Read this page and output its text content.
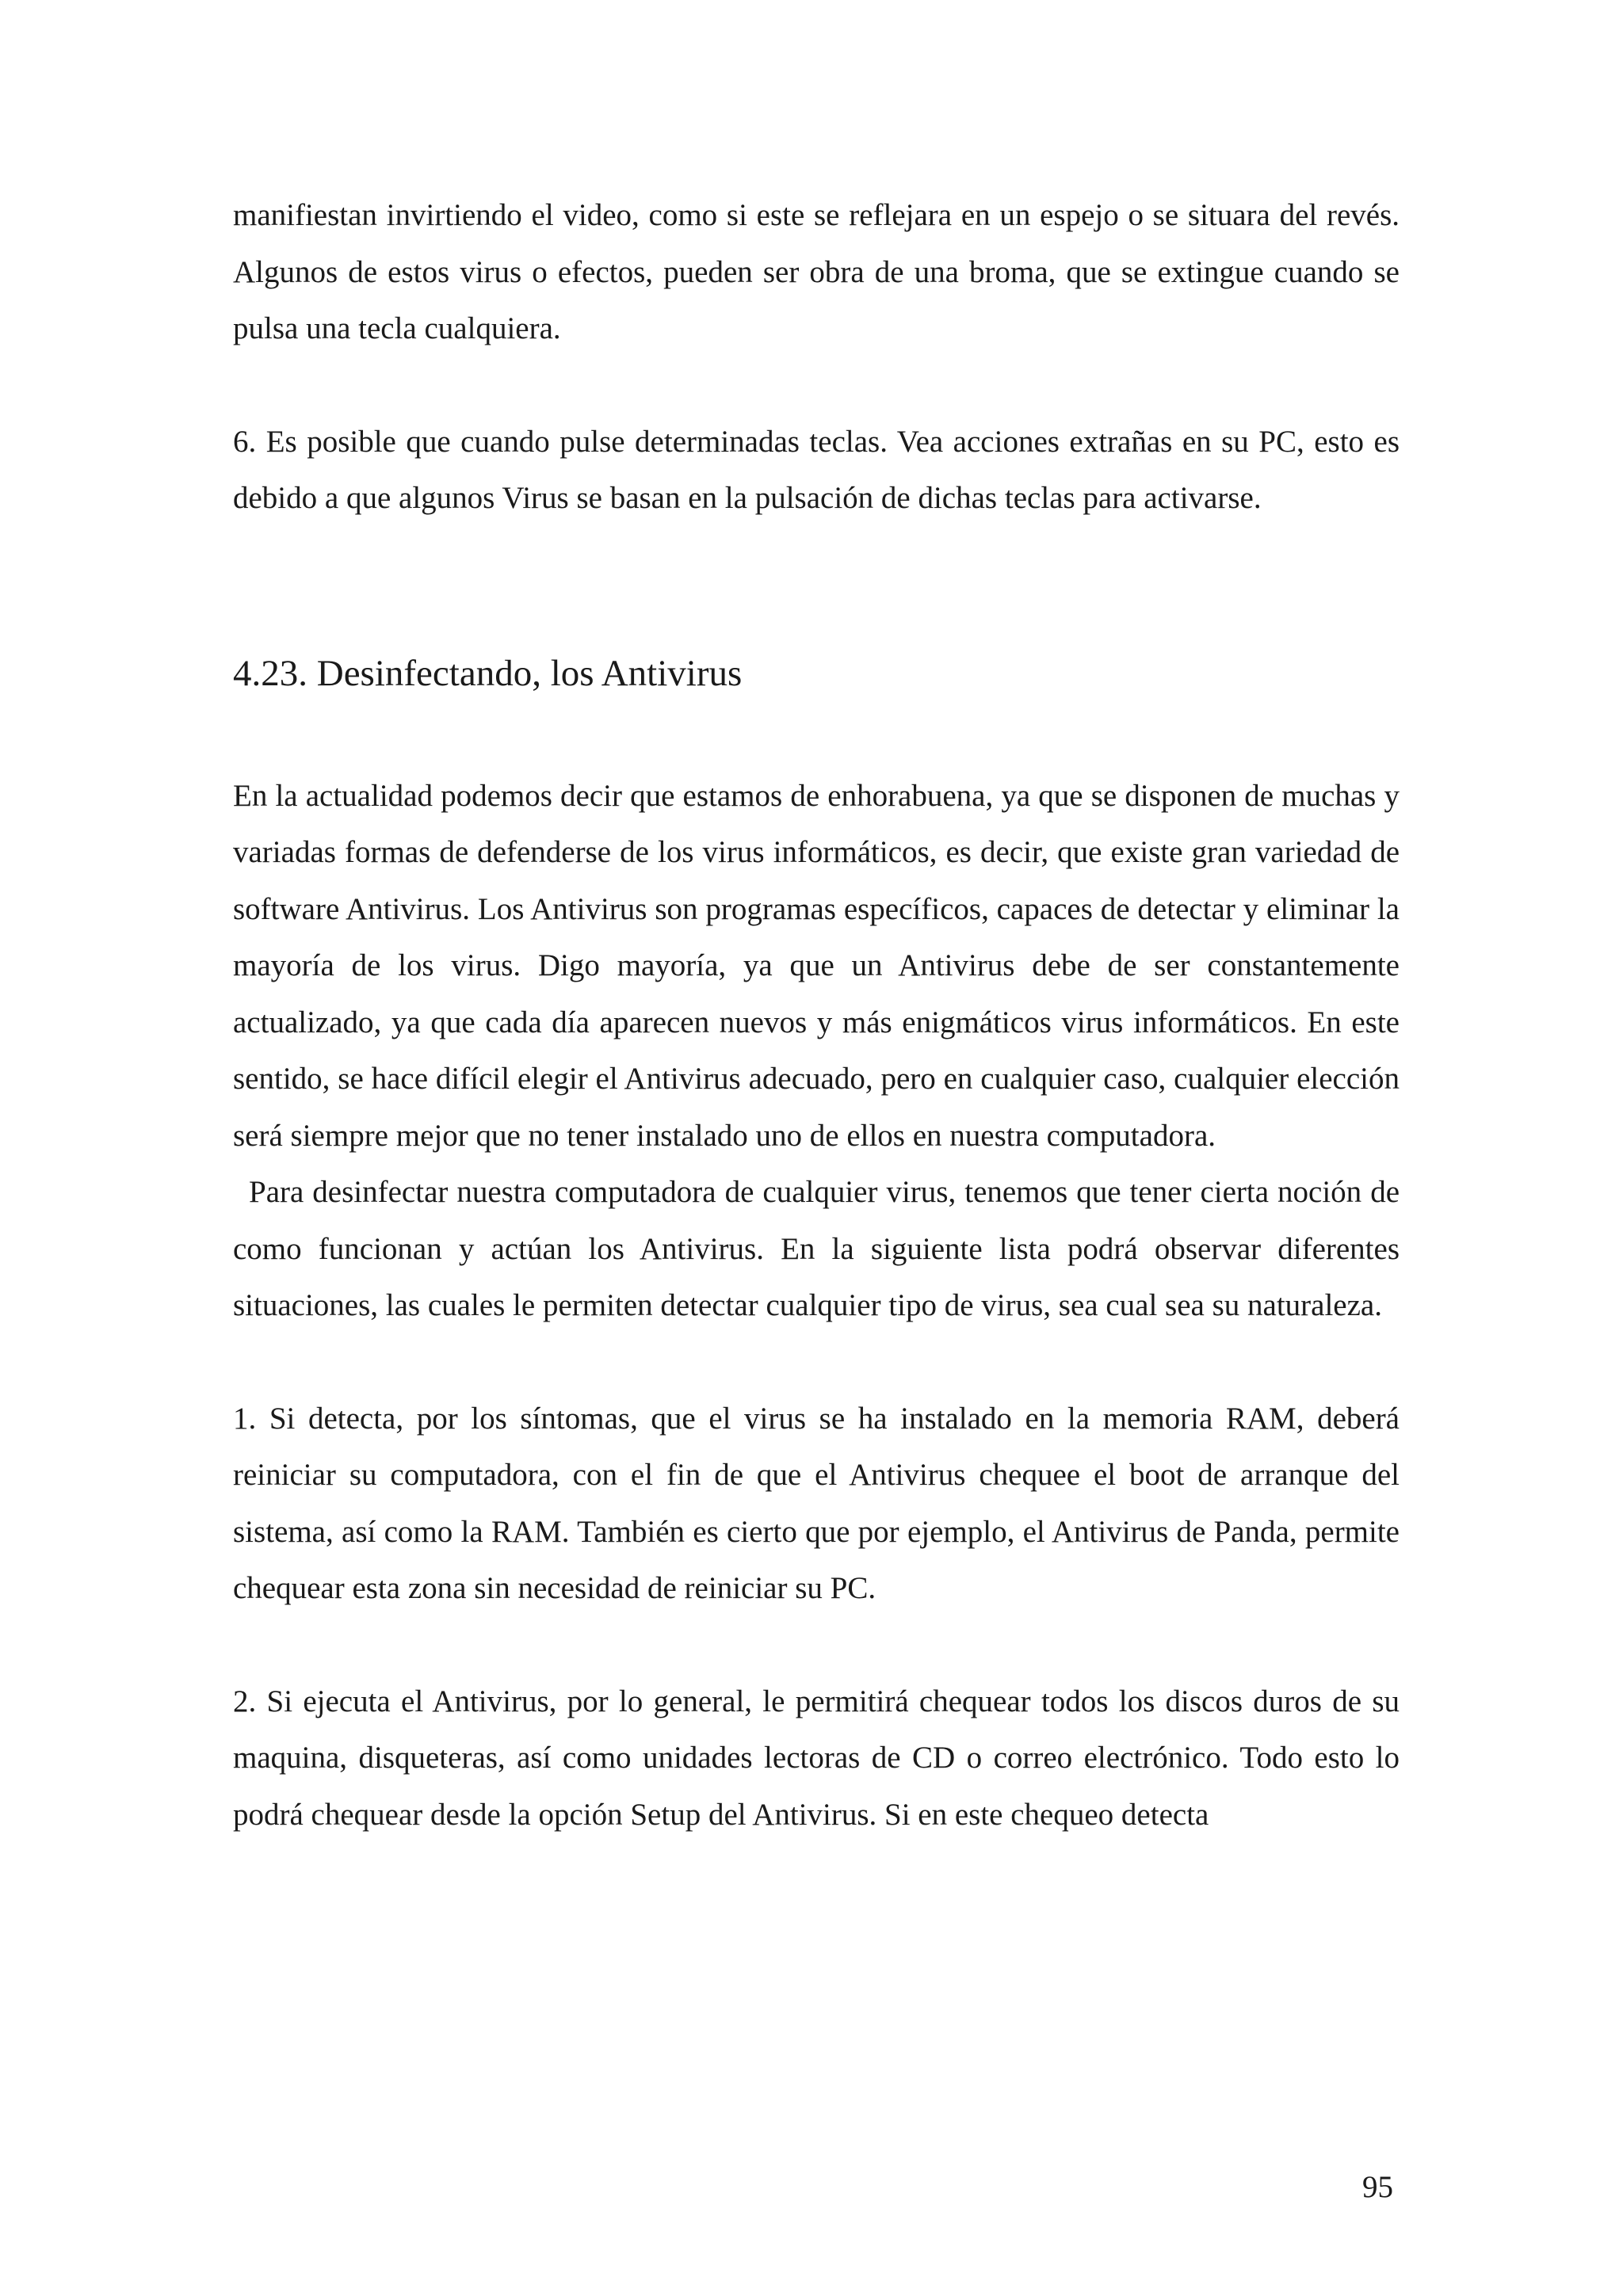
manifiestan invirtiendo el video, como si este se reflejara en un espejo o se situara del revés. Algunos de estos virus o efectos, pueden ser obra de una broma, que se extingue cuando se pulsa una tecla cualquiera.

6. Es posible que cuando pulse determinadas teclas. Vea acciones extrañas en su PC, esto es debido a que algunos Virus se basan en la pulsación de dichas teclas para activarse.

4.23. Desinfectando, los Antivirus

En la actualidad podemos decir que estamos de enhorabuena, ya que se disponen de muchas y variadas formas de defenderse de los virus informáticos, es decir, que existe gran variedad de software Antivirus. Los Antivirus son programas específicos, capaces de detectar y eliminar la mayoría de los virus. Digo mayoría, ya que un Antivirus debe de ser constantemente actualizado, ya que cada día aparecen nuevos y más enigmáticos virus informáticos. En este sentido, se hace difícil elegir el Antivirus adecuado, pero en cualquier caso, cualquier elección será siempre mejor que no tener instalado uno de ellos en nuestra computadora.

Para desinfectar nuestra computadora de cualquier virus, tenemos que tener cierta noción de como funcionan y actúan los Antivirus. En la siguiente lista podrá observar diferentes situaciones, las cuales le permiten detectar cualquier tipo de virus, sea cual sea su naturaleza.

1. Si detecta, por los síntomas, que el virus se ha instalado en la memoria RAM, deberá reiniciar su computadora, con el fin de que el Antivirus chequee el boot de arranque del sistema, así como la RAM. También es cierto que por ejemplo, el Antivirus de Panda, permite chequear esta zona sin necesidad de reiniciar su PC.

2. Si ejecuta el Antivirus, por lo general, le permitirá chequear todos los discos duros de su maquina, disqueteras, así como unidades lectoras de CD o correo electrónico. Todo esto lo podrá chequear desde la opción Setup del Antivirus. Si en este chequeo detecta

95
